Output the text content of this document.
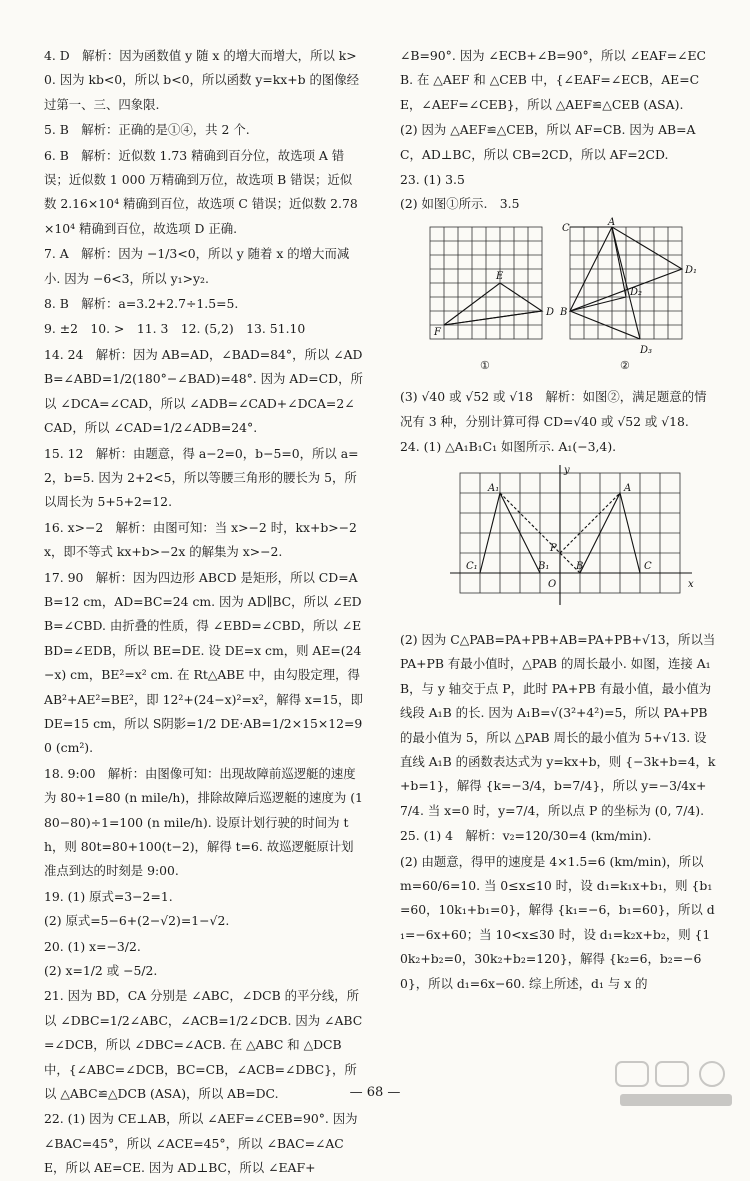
4. D　解析：因为函数值 y 随 x 的增大而增大，所以 k>0. 因为 kb<0，所以 b<0，所以函数 y=kx+b 的图像经过第一、三、四象限.

5. B　解析：正确的是①④，共 2 个.

6. B　解析：近似数 1.73 精确到百分位，故选项 A 错误；近似数 1 000 万精确到万位，故选项 B 错误；近似数 2.16×10⁴ 精确到百位，故选项 C 错误；近似数 2.78×10⁴ 精确到百位，故选项 D 正确.

7. A　解析：因为 −1/3<0，所以 y 随着 x 的增大而减小. 因为 −6<3，所以 y₁>y₂.

8. B　解析：a=3.2+2.7÷1.5=5.

9. ±2　10. >　11. 3　12. (5,2)　13. 51.10

14. 24　解析：因为 AB=AD，∠BAD=84°，所以 ∠ADB=∠ABD=1/2(180°−∠BAD)=48°. 因为 AD=CD，所以 ∠DCA=∠CAD，所以 ∠ADB=∠CAD+∠DCA=2∠CAD，所以 ∠CAD=1/2∠ADB=24°.

15. 12　解析：由题意，得 a−2=0，b−5=0，所以 a=2，b=5. 因为 2+2<5，所以等腰三角形的腰长为 5，所以周长为 5+5+2=12.

16. x>−2　解析：由图可知：当 x>−2 时，kx+b>−2x，即不等式 kx+b>−2x 的解集为 x>−2.

17. 90　解析：因为四边形 ABCD 是矩形，所以 CD=AB=12 cm，AD=BC=24 cm. 因为 AD∥BC，所以 ∠EDB=∠CBD. 由折叠的性质，得 ∠EBD=∠CBD，所以 ∠EBD=∠EDB，所以 BE=DE. 设 DE=x cm，则 AE=(24−x) cm，BE²=x² cm. 在 Rt△ABE 中，由勾股定理，得 AB²+AE²=BE²，即 12²+(24−x)²=x²，解得 x=15，即 DE=15 cm，所以 S阴影=1/2 DE·AB=1/2×15×12=90 (cm²).

18. 9:00　解析：由图像可知：出现故障前巡逻艇的速度为 80÷1=80 (n mile/h)，排除故障后巡逻艇的速度为 (180−80)÷1=100 (n mile/h). 设原计划行驶的时间为 t h，则 80t=80+100(t−2)，解得 t=6. 故巡逻艇原计划准点到达的时刻是 9:00.

19. (1) 原式=3−2=1.
(2) 原式=5−6+(2−√2)=1−√2.

20. (1) x=−3/2.
(2) x=1/2 或 −5/2.

21. 因为 BD，CA 分别是 ∠ABC，∠DCB 的平分线，所以 ∠DBC=1/2∠ABC，∠ACB=1/2∠DCB. 因为 ∠ABC=∠DCB，所以 ∠DBC=∠ACB. 在 △ABC 和 △DCB 中，{∠ABC=∠DCB，BC=CB，∠ACB=∠DBC}，所以 △ABC≌△DCB (ASA)，所以 AB=DC.

22. (1) 因为 CE⊥AB，所以 ∠AEF=∠CEB=90°. 因为 ∠BAC=45°，所以 ∠ACE=45°，所以 ∠BAC=∠ACE，所以 AE=CE. 因为 AD⊥BC，所以 ∠EAF+

∠B=90°. 因为 ∠ECB+∠B=90°，所以 ∠EAF=∠ECB. 在 △AEF 和 △CEB 中，{∠EAF=∠ECB，AE=CE，∠AEF=∠CEB}，所以 △AEF≌△CEB (ASA).

(2) 因为 △AEF≌△CEB，所以 AF=CB. 因为 AB=AC，AD⊥BC，所以 CB=2CD，所以 AF=2CD.

23. (1) 3.5
(2) 如图①所示.　3.5

E
D
F
C
A
D₁
D₂
B
D₃
①	②

(3) √40 或 √52 或 √18　解析：如图②，满足题意的情况有 3 种，分别计算可得 CD=√40 或 √52 或 √18.

24. (1) △A₁B₁C₁ 如图所示. A₁(−3,4).

y
A₁	A
P
C₁	B₁	B	C
O	x

(2) 因为 C△PAB=PA+PB+AB=PA+PB+√13，所以当 PA+PB 有最小值时，△PAB 的周长最小. 如图，连接 A₁B，与 y 轴交于点 P，此时 PA+PB 有最小值，最小值为线段 A₁B 的长. 因为 A₁B=√(3²+4²)=5，所以 PA+PB 的最小值为 5，所以 △PAB 周长的最小值为 5+√13. 设直线 A₁B 的函数表达式为 y=kx+b，则 {−3k+b=4，k+b=1}，解得 {k=−3/4，b=7/4}，所以 y=−3/4x+7/4. 当 x=0 时，y=7/4，所以点 P 的坐标为 (0, 7/4).

25. (1) 4　解析：v₂=120/30=4 (km/min).

(2) 由题意，得甲的速度是 4×1.5=6 (km/min)，所以 m=60/6=10. 当 0≤x≤10 时，设 d₁=k₁x+b₁，则 {b₁=60，10k₁+b₁=0}，解得 {k₁=−6，b₁=60}，所以 d₁=−6x+60；当 10<x≤30 时，设 d₁=k₂x+b₂，则 {10k₂+b₂=0，30k₂+b₂=120}，解得 {k₂=6，b₂=−60}，所以 d₁=6x−60. 综上所述，d₁ 与 x 的

— 68 —
